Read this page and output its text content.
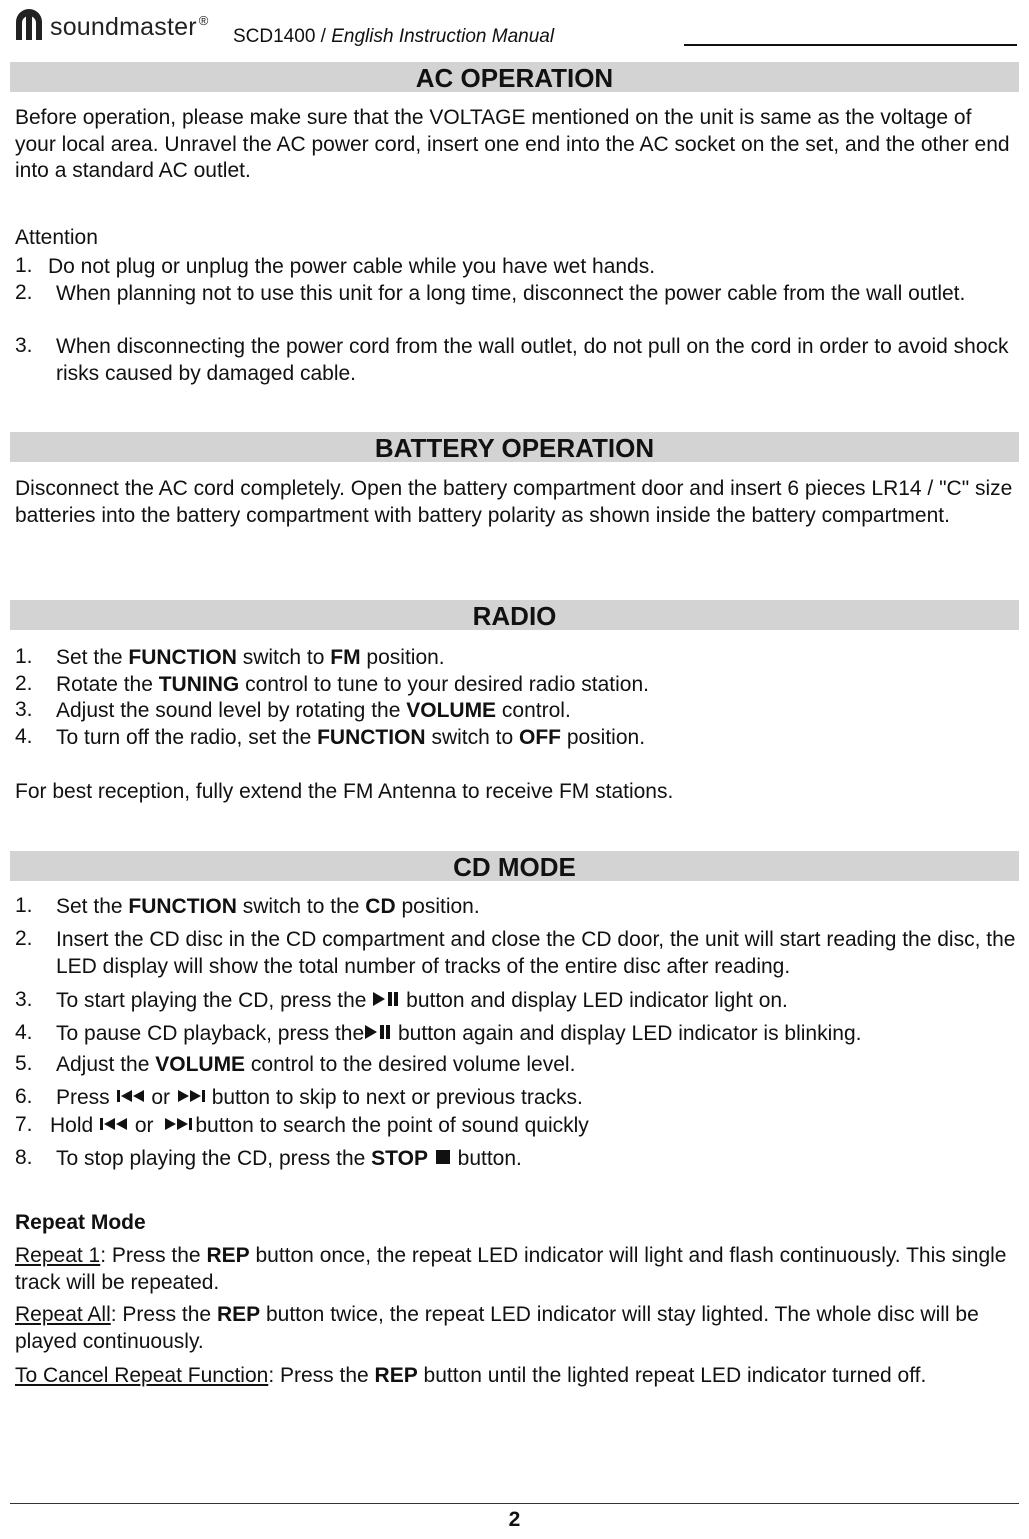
soundmaster ®
SCD1400 / English Instruction Manual
AC OPERATION
Before operation, please make sure that the VOLTAGE mentioned on the unit is same as the voltage of your local area. Unravel the AC power cord, insert one end into the AC socket on the set, and the other end into a standard AC outlet.
Attention
1. Do not plug or unplug the power cable while you have wet hands.
2. When planning not to use this unit for a long time, disconnect the power cable from the wall outlet.
3. When disconnecting the power cord from the wall outlet, do not pull on the cord in order to avoid shock risks caused by damaged cable.
BATTERY OPERATION
Disconnect the AC cord completely. Open the battery compartment door and insert 6 pieces LR14 / "C" size batteries into the battery compartment with battery polarity as shown inside the battery compartment.
RADIO
1. Set the FUNCTION switch to FM position.
2. Rotate the TUNING control to tune to your desired radio station.
3. Adjust the sound level by rotating the VOLUME control.
4. To turn off the radio, set the FUNCTION switch to OFF position.
For best reception, fully extend the FM Antenna to receive FM stations.
CD MODE
1. Set the FUNCTION switch to the CD position.
2. Insert the CD disc in the CD compartment and close the CD door, the unit will start reading the disc, the LED display will show the total number of tracks of the entire disc after reading.
3. To start playing the CD, press the  button and display LED indicator light on.
4. To pause CD playback, press the button again and display LED indicator is blinking.
5. Adjust the VOLUME control to the desired volume level.
6. Press  or  button to skip to next or previous tracks.
7. Hold  or button to search the point of sound quickly
8. To stop playing the CD, press the STOP  button.
Repeat Mode
Repeat 1: Press the REP button once, the repeat LED indicator will light and flash continuously. This single track will be repeated.
Repeat All: Press the REP button twice, the repeat LED indicator will stay lighted. The whole disc will be played continuously.
To Cancel Repeat Function: Press the REP button until the lighted repeat LED indicator turned off.
2
